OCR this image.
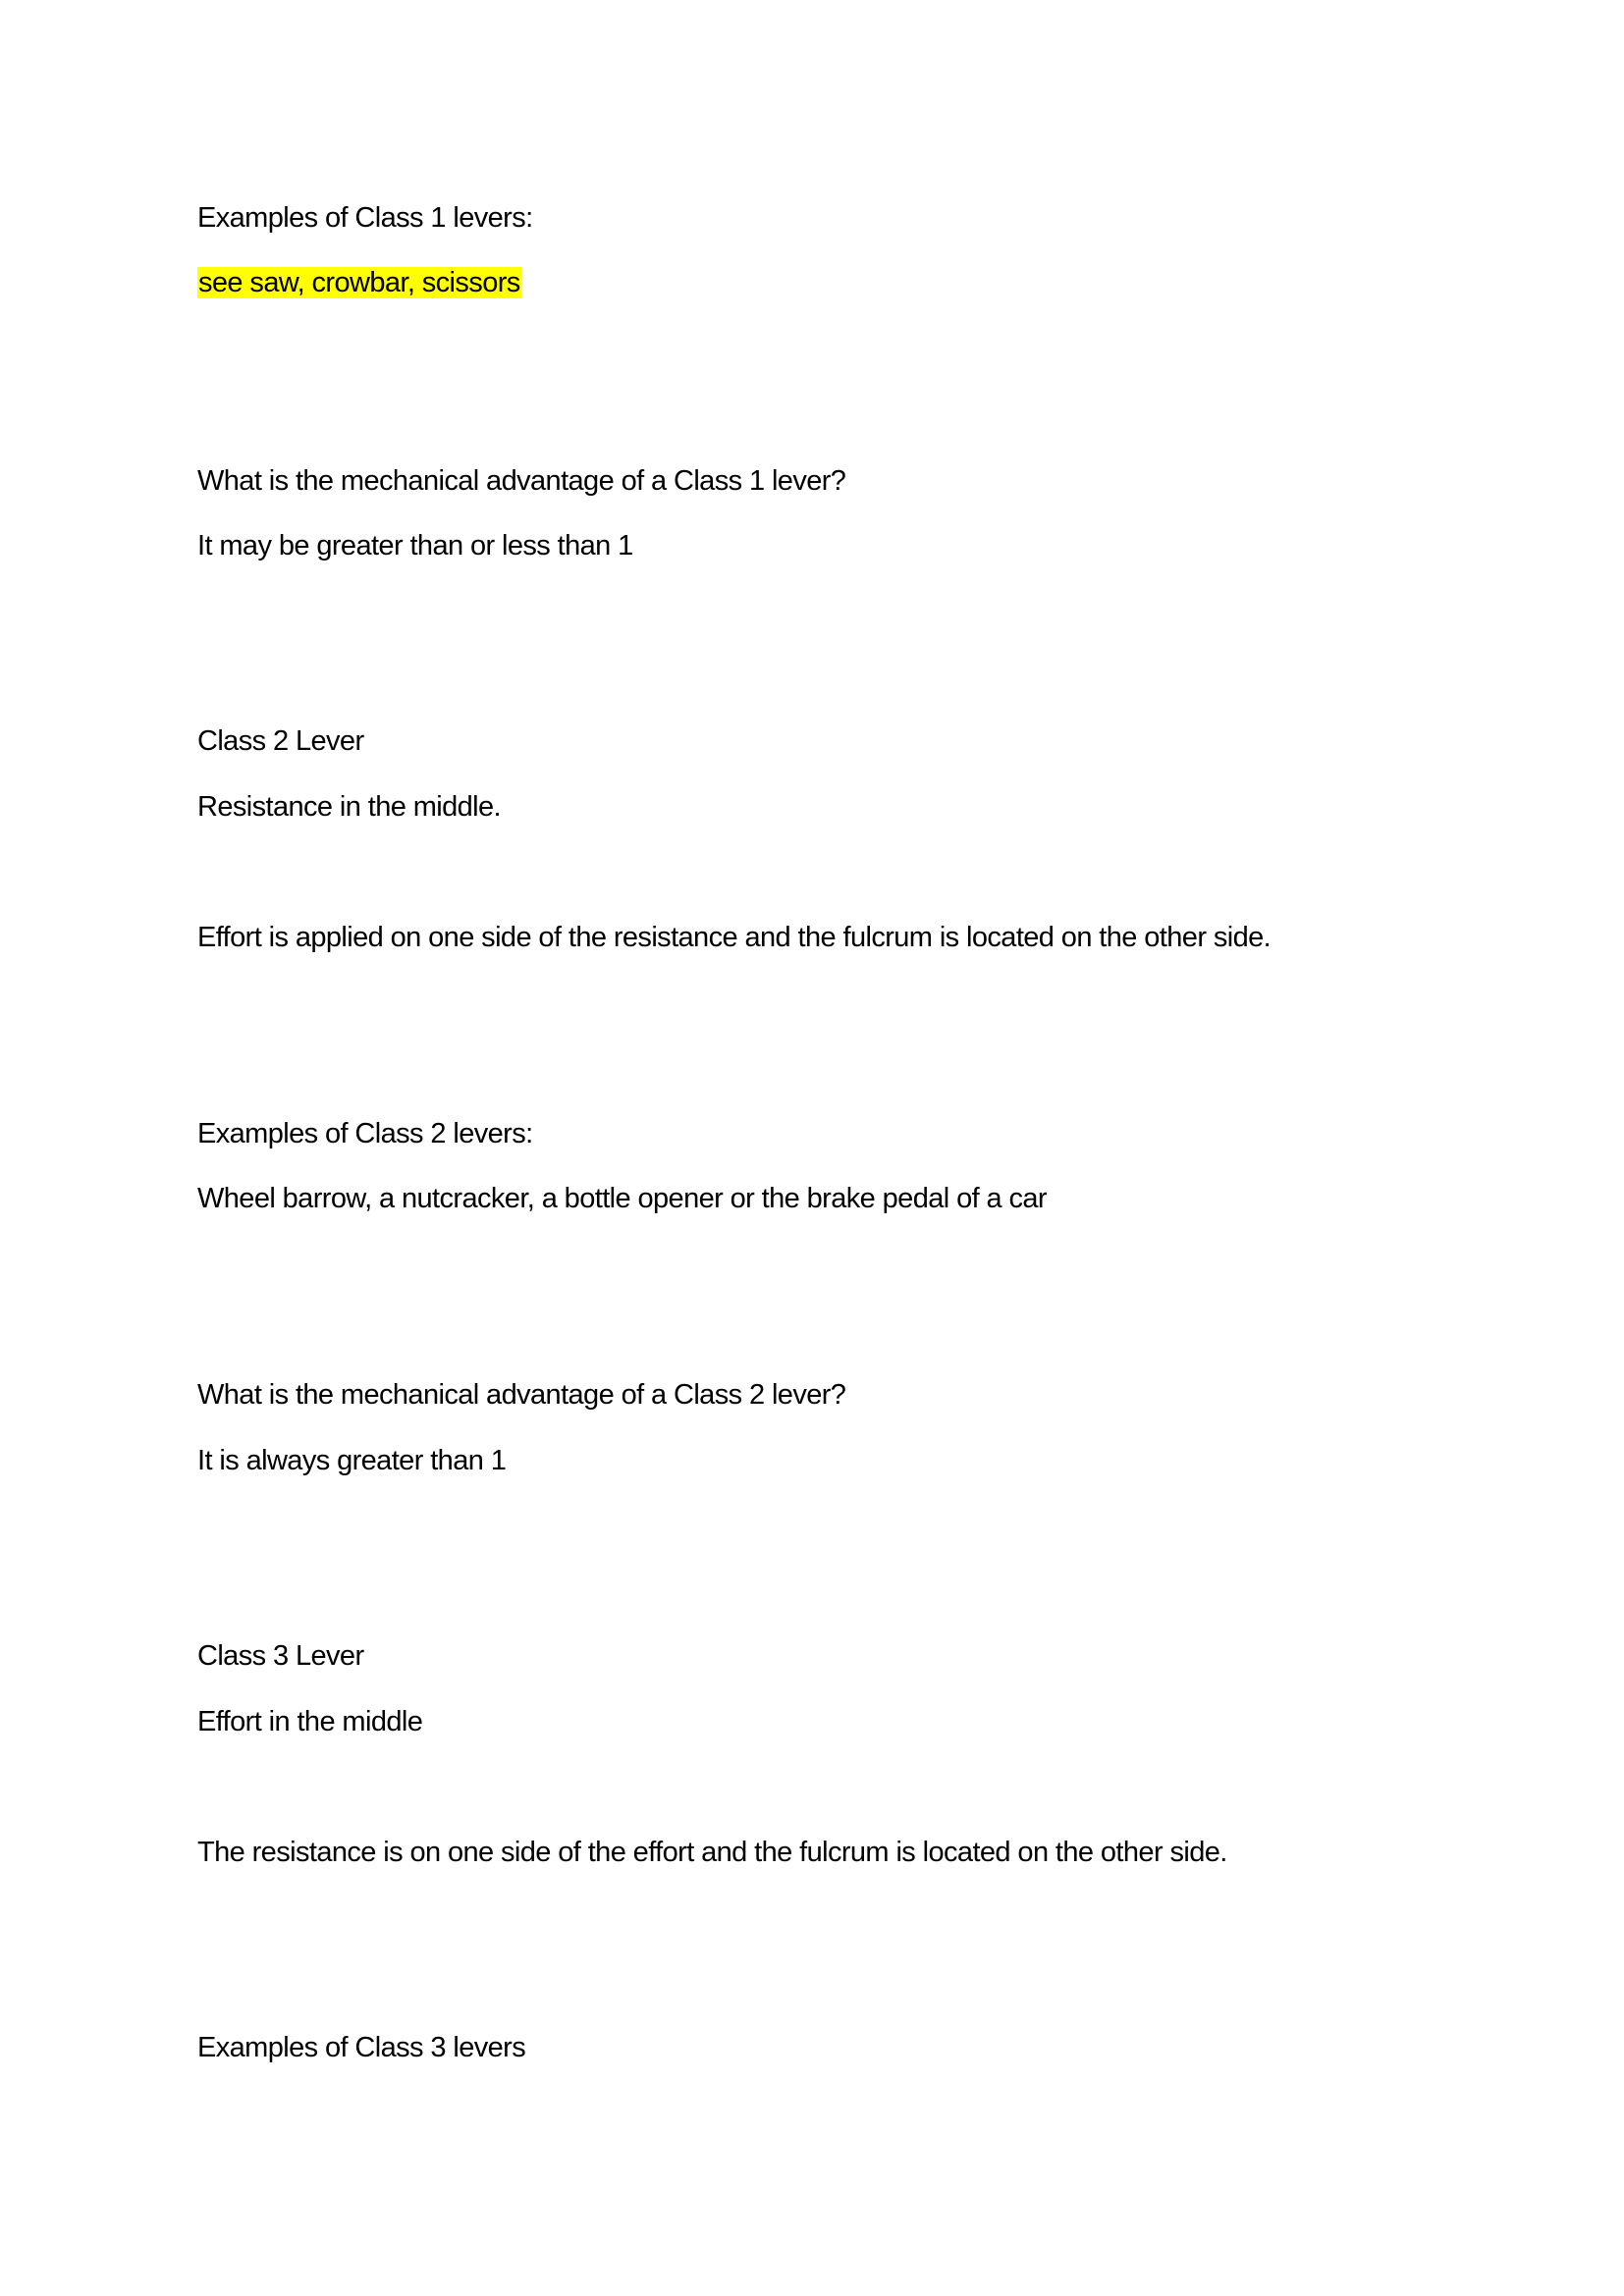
Examples of Class 1 levers:
see saw, crowbar, scissors
What is the mechanical advantage of a Class 1 lever?
It may be greater than or less than 1
Class 2 Lever
Resistance in the middle.
Effort is applied on one side of the resistance and the fulcrum is located on the other side.
Examples of Class 2 levers:
Wheel barrow, a nutcracker, a bottle opener or the brake pedal of a car
What is the mechanical advantage of a Class 2 lever?
It is always greater than 1
Class 3 Lever
Effort in the middle
The resistance is on one side of the effort and the fulcrum is located on the other side.
Examples of Class 3 levers
